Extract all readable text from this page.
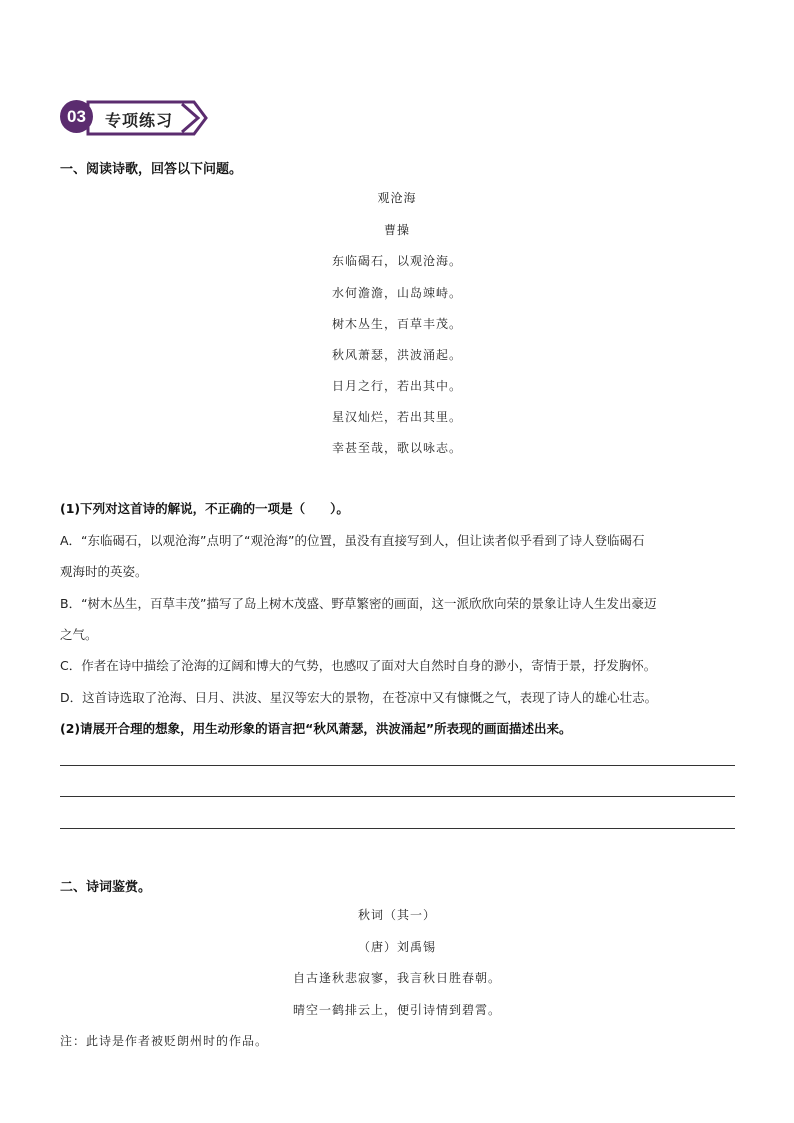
03	专项练习
一、阅读诗歌，回答以下问题。
观沧海
曹操
东临碣石，以观沧海。
水何澹澹，山岛竦峙。
树木丛生，百草丰茂。
秋风萧瑟，洪波涌起。
日月之行，若出其中。
星汉灿烂，若出其里。
幸甚至哉，歌以咏志。
(1)下列对这首诗的解说，不正确的一项是（　　）。
A．“东临碣石，以观沧海”点明了“观沧海”的位置，虽没有直接写到人，但让读者似乎看到了诗人登临碣石
观海时的英姿。
B．“树木丛生，百草丰茂”描写了岛上树木茂盛、野草繁密的画面，这一派欣欣向荣的景象让诗人生发出豪迈
之气。
C．作者在诗中描绘了沧海的辽阔和博大的气势，也感叹了面对大自然时自身的渺小，寄情于景，抒发胸怀。
D．这首诗选取了沧海、日月、洪波、星汉等宏大的景物，在苍凉中又有慷慨之气，表现了诗人的雄心壮志。
(2)请展开合理的想象，用生动形象的语言把“秋风萧瑟，洪波涌起”所表现的画面描述出来。
二、诗词鉴赏。
秋词（其一）
（唐）刘禹锡
自古逢秋悲寂寥，我言秋日胜春朝。
晴空一鹤排云上，便引诗情到碧霄。
注：此诗是作者被贬朗州时的作品。
